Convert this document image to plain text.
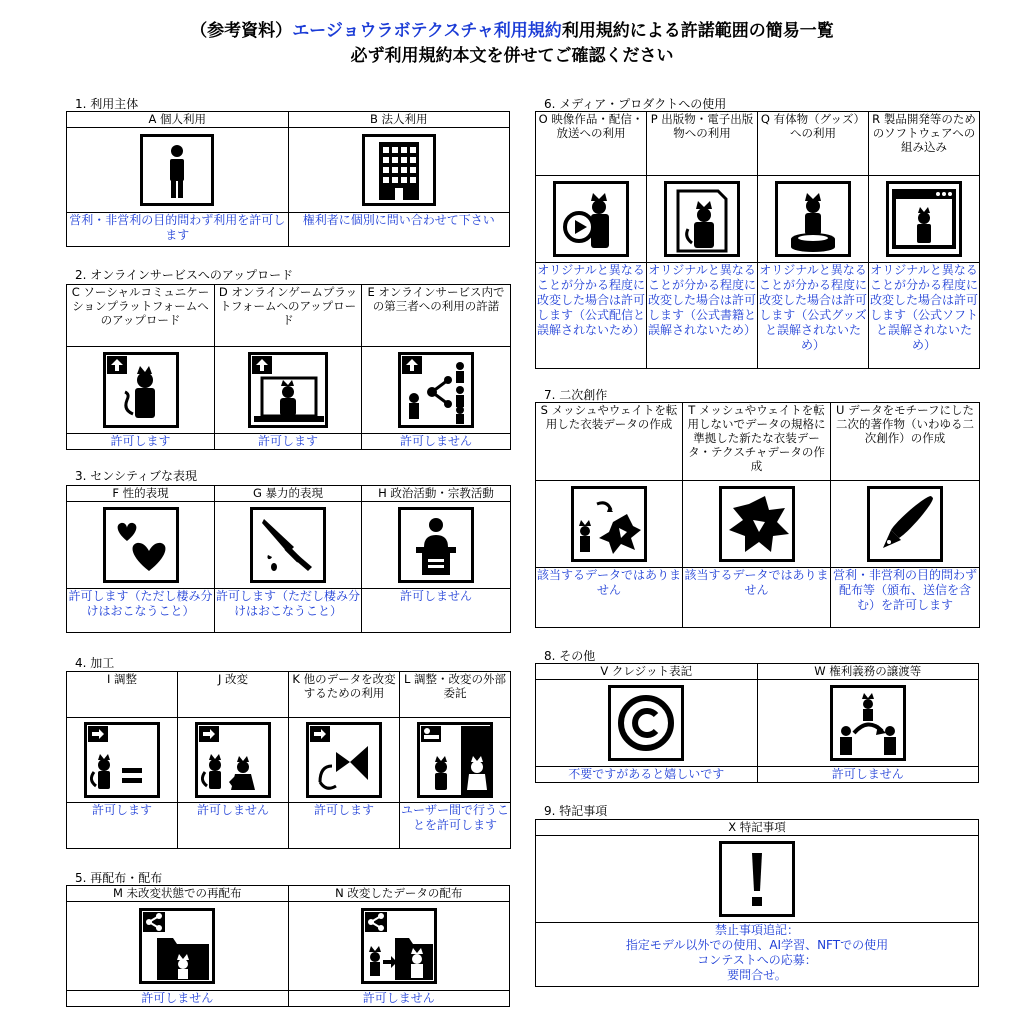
（参考資料）エージョウラボテクスチャ利用規約利用規約による許諾範囲の簡易一覧
必ず利用規約本文を併せてご確認ください
1. 利用主体
A 個人利用	B 法人利用

営利・非営利の目的問わず利用を許可します	権利者に個別に問い合わせて下さい
2. オンラインサービスへのアップロード
C ソーシャルコミュニケーションプラットフォームへのアップロード	D オンラインゲームプラットフォームへのアップロード	E オンラインサービス内での第三者への利用の許諾

許可します	許可します	許可しません
3. センシティブな表現
F 性的表現	G 暴力的表現	H 政治活動・宗教活動

許可します（ただし棲み分けはおこなうこと）	許可します（ただし棲み分けはおこなうこと）	許可しません
4. 加工
I 調整	J 改変	K 他のデータを改変するための利用	L 調整・改変の外部委託

許可します	許可しません	許可します	ユーザー間で行うことを許可します
5. 再配布・配布
M 未改変状態での再配布	N 改変したデータの配布

許可しません	許可しません
6. メディア・プロダクトへの使用
O 映像作品・配信・放送への利用	P 出版物・電子出版物への利用	Q 有体物（グッズ）への利用	R 製品開発等のためのソフトウェアへの組み込み

オリジナルと異なることが分かる程度に改変した場合は許可します（公式配信と誤解されないため）	オリジナルと異なることが分かる程度に改変した場合は許可します（公式書籍と誤解されないため）	オリジナルと異なることが分かる程度に改変した場合は許可します（公式グッズと誤解されないため）	オリジナルと異なることが分かる程度に改変した場合は許可します（公式ソフトと誤解されないため）
7. 二次創作
S メッシュやウェイトを転用した衣装データの作成	T メッシュやウェイトを転用しないでデータの規格に準拠した新たな衣装データ・テクスチャデータの作成	U データをモチーフにした二次的著作物（いわゆる二次創作）の作成

該当するデータではありません	該当するデータではありません	営利・非営利の目的問わず配布等（頒布、送信を含む）を許可します
8. その他
V クレジット表記	W 権利義務の譲渡等

不要ですがあると嬉しいです	許可しません
9. 特記事項
X 特記事項

禁止事項追記：
指定モデル以外での使用、AI学習、NFTでの使用
コンテストへの応募：
要問合せ。
